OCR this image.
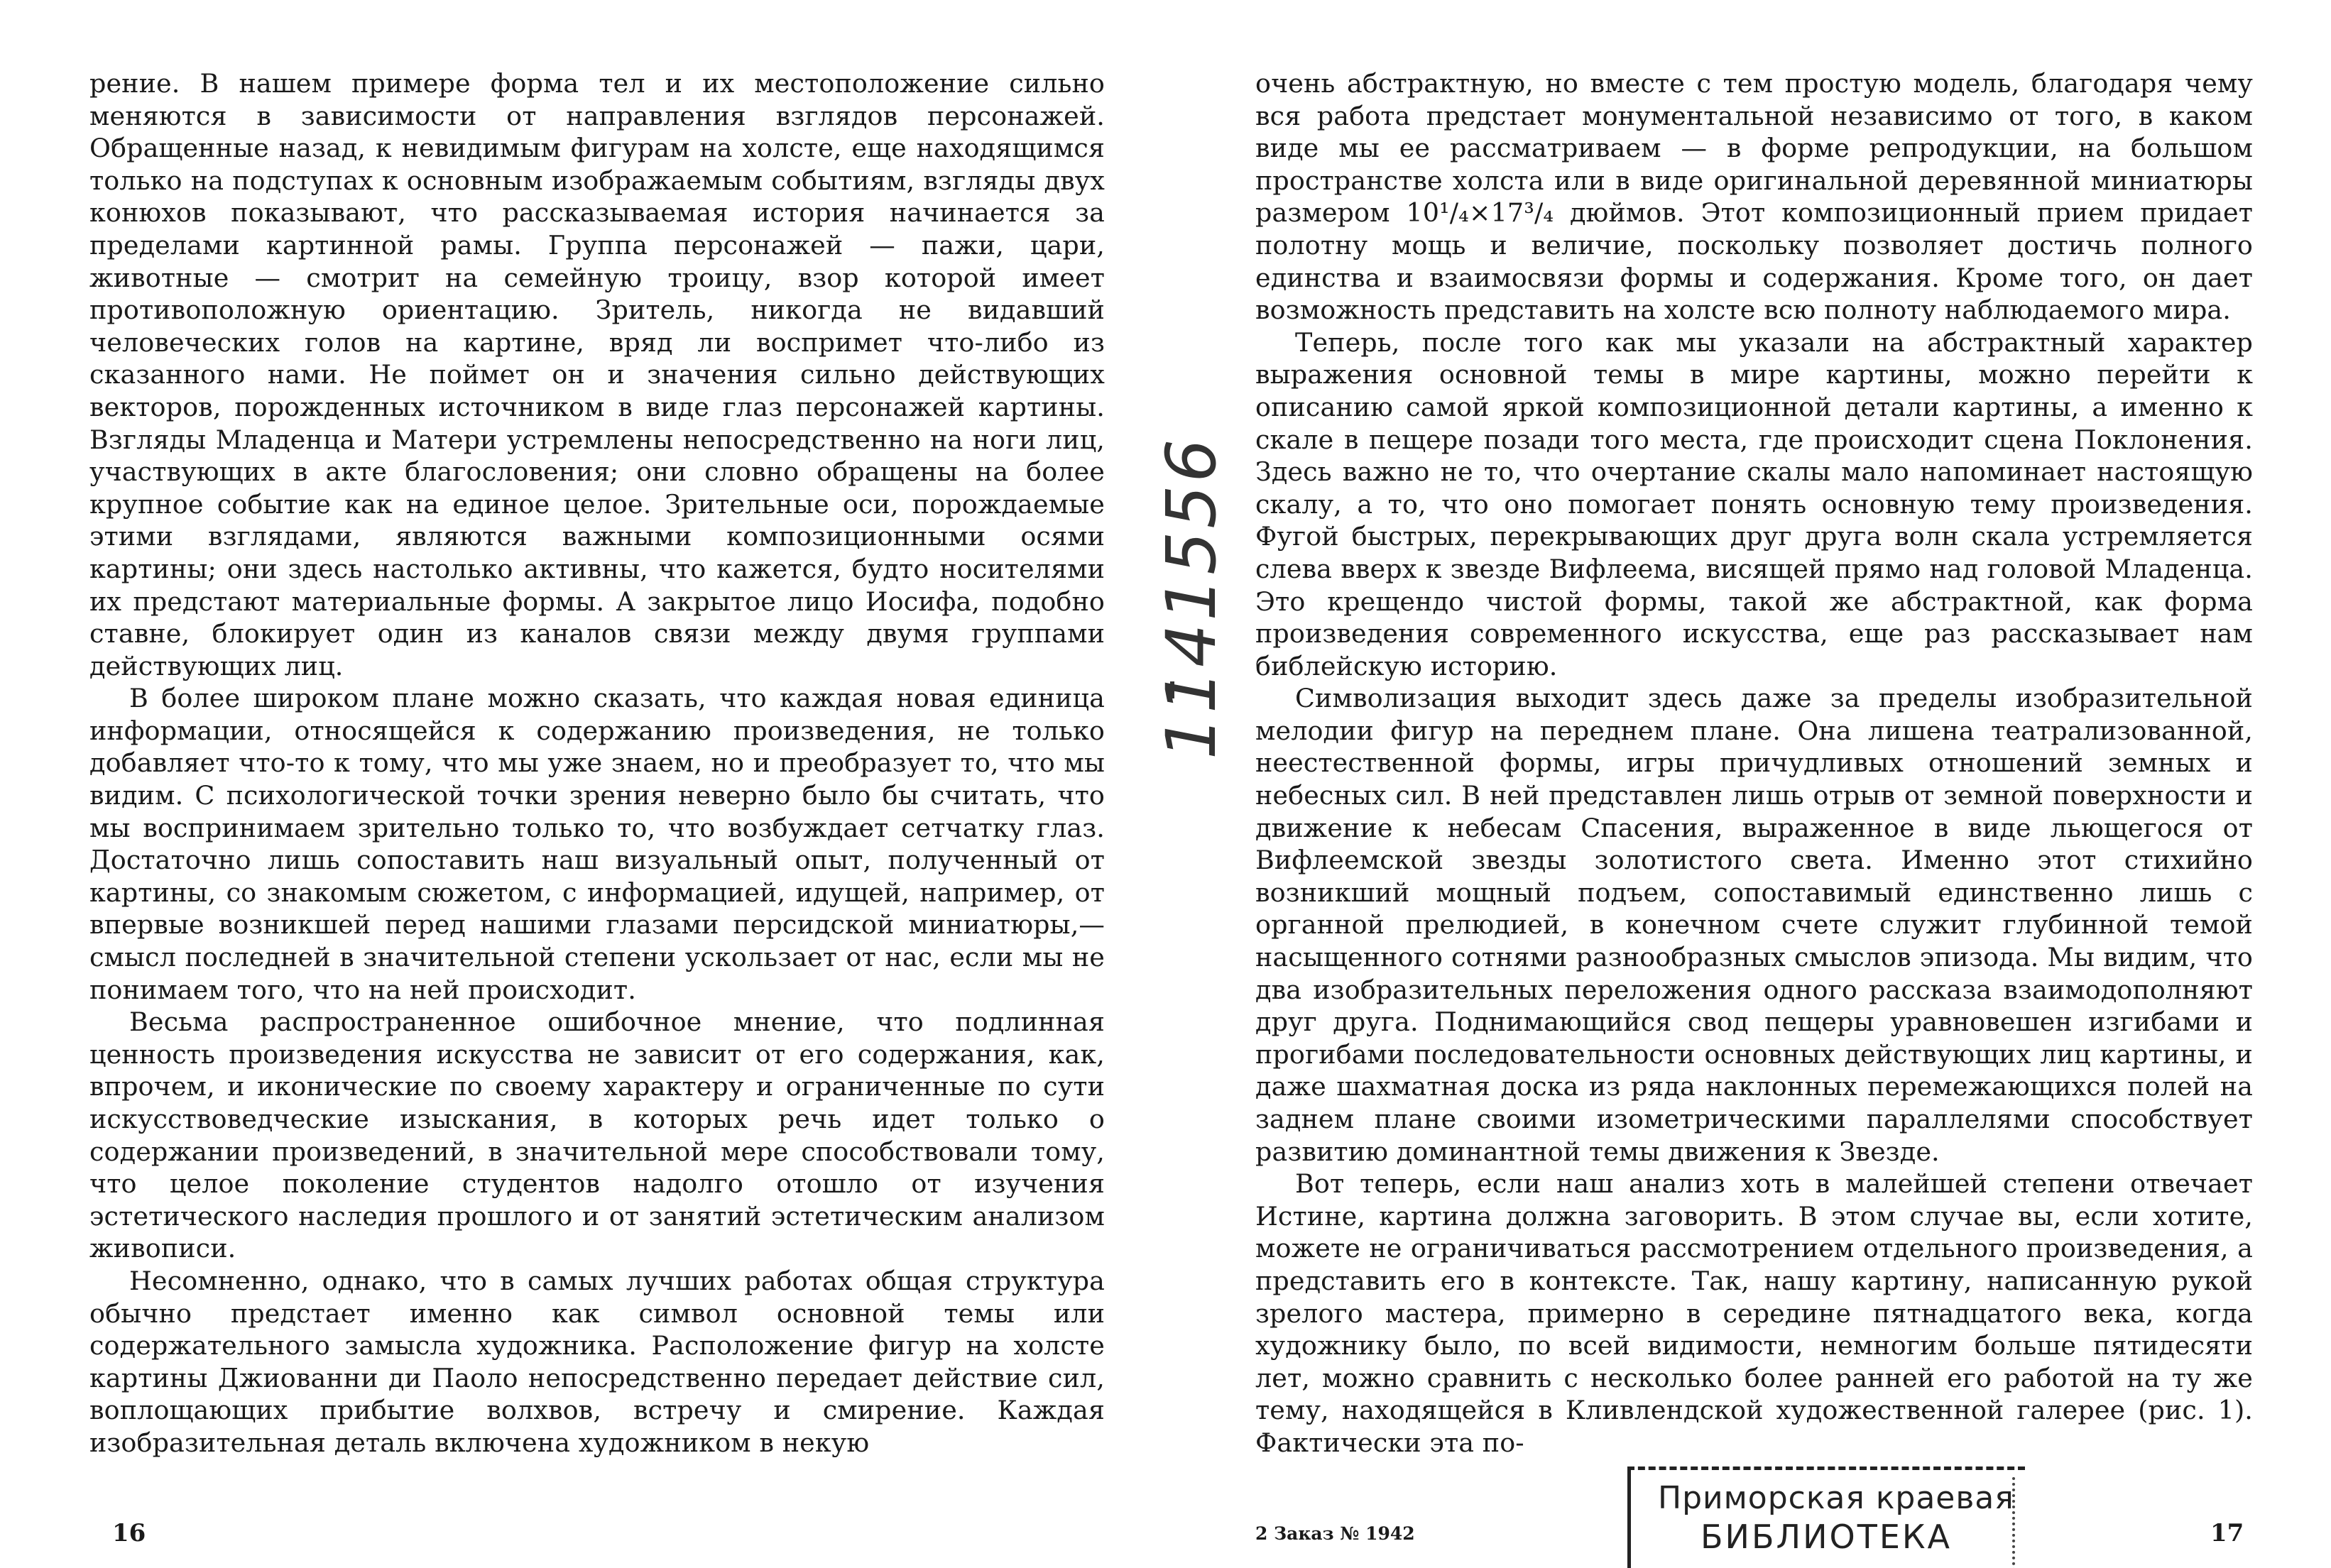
рение. В нашем примере форма тел и их местоположение сильно меняются в зависимости от направления взглядов персонажей. Обращенные назад, к невидимым фигурам на холсте, еще находящимся только на подступах к основным изображаемым событиям, взгляды двух конюхов показывают, что рассказываемая история начинается за пределами картинной рамы. Группа персонажей — пажи, цари, животные — смотрит на семейную троицу, взор которой имеет противоположную ориентацию. Зритель, никогда не видавший человеческих голов на картине, вряд ли воспримет что-либо из сказанного нами. Не поймет он и значения сильно действующих векторов, порожденных источником в виде глаз персонажей картины. Взгляды Младенца и Матери устремлены непосредственно на ноги лиц, участвующих в акте благословения; они словно обращены на более крупное событие как на единое целое. Зрительные оси, порождаемые этими взглядами, являются важными композиционными осями картины; они здесь настолько активны, что кажется, будто носителями их предстают материальные формы. А закрытое лицо Иосифа, подобно ставне, блокирует один из каналов связи между двумя группами действующих лиц.

В более широком плане можно сказать, что каждая новая единица информации, относящейся к содержанию произведения, не только добавляет что-то к тому, что мы уже знаем, но и преобразует то, что мы видим. С психологической точки зрения неверно было бы считать, что мы воспринимаем зрительно только то, что возбуждает сетчатку глаз. Достаточно лишь сопоставить наш визуальный опыт, полученный от картины, со знакомым сюжетом, с информацией, идущей, например, от впервые возникшей перед нашими глазами персидской миниатюры,— смысл последней в значительной степени ускользает от нас, если мы не понимаем того, что на ней происходит.

Весьма распространенное ошибочное мнение, что подлинная ценность произведения искусства не зависит от его содержания, как, впрочем, и иконические по своему характеру и ограниченные по сути искусствоведческие изыскания, в которых речь идет только о содержании произведений, в значительной мере способствовали тому, что целое поколение студентов надолго отошло от изучения эстетического наследия прошлого и от занятий эстетическим анализом живописи.

Несомненно, однако, что в самых лучших работах общая структура обычно предстает именно как символ основной темы или содержательного замысла художника. Расположение фигур на холсте картины Джиованни ди Паоло непосредственно передает действие сил, воплощающих прибытие волхвов, встречу и смирение. Каждая изобразительная деталь включена художником в некую

1141556

очень абстрактную, но вместе с тем простую модель, благодаря чему вся работа предстает монументальной независимо от того, в каком виде мы ее рассматриваем — в форме репродукции, на большом пространстве холста или в виде оригинальной деревянной миниатюры размером 10¹/₄×17³/₄ дюймов. Этот композиционный прием придает полотну мощь и величие, поскольку позволяет достичь полного единства и взаимосвязи формы и содержания. Кроме того, он дает возможность представить на холсте всю полноту наблюдаемого мира.

Теперь, после того как мы указали на абстрактный характер выражения основной темы в мире картины, можно перейти к описанию самой яркой композиционной детали картины, а именно к скале в пещере позади того места, где происходит сцена Поклонения. Здесь важно не то, что очертание скалы мало напоминает настоящую скалу, а то, что оно помогает понять основную тему произведения. Фугой быстрых, перекрывающих друг друга волн скала устремляется слева вверх к звезде Вифлеема, висящей прямо над головой Младенца. Это крещендо чистой формы, такой же абстрактной, как форма произведения современного искусства, еще раз рассказывает нам библейскую историю.

Символизация выходит здесь даже за пределы изобразительной мелодии фигур на переднем плане. Она лишена театрализованной, неестественной формы, игры причудливых отношений земных и небесных сил. В ней представлен лишь отрыв от земной поверхности и движение к небесам Спасения, выраженное в виде льющегося от Вифлеемской звезды золотистого света. Именно этот стихийно возникший мощный подъем, сопоставимый единственно лишь с органной прелюдией, в конечном счете служит глубинной темой насыщенного сотнями разнообразных смыслов эпизода. Мы видим, что два изобразительных переложения одного рассказа взаимодополняют друг друга. Поднимающийся свод пещеры уравновешен изгибами и прогибами последовательности основных действующих лиц картины, и даже шахматная доска из ряда наклонных перемежающихся полей на заднем плане своими изометрическими параллелями способствует развитию доминантной темы движения к Звезде.

Вот теперь, если наш анализ хоть в малейшей степени отвечает Истине, картина должна заговорить. В этом случае вы, если хотите, можете не ограничиваться рассмотрением отдельного произведения, а представить его в контексте. Так, нашу картину, написанную рукой зрелого мастера, примерно в середине пятнадцатого века, когда художнику было, по всей видимости, немногим больше пятидесяти лет, можно сравнить с несколько более ранней его работой на ту же тему, находящейся в Кливлендской художественной галерее (рис. 1). Фактически эта по-

16	2 Заказ № 1942	17
Приморская краевая
БИБЛИОТЕКА
